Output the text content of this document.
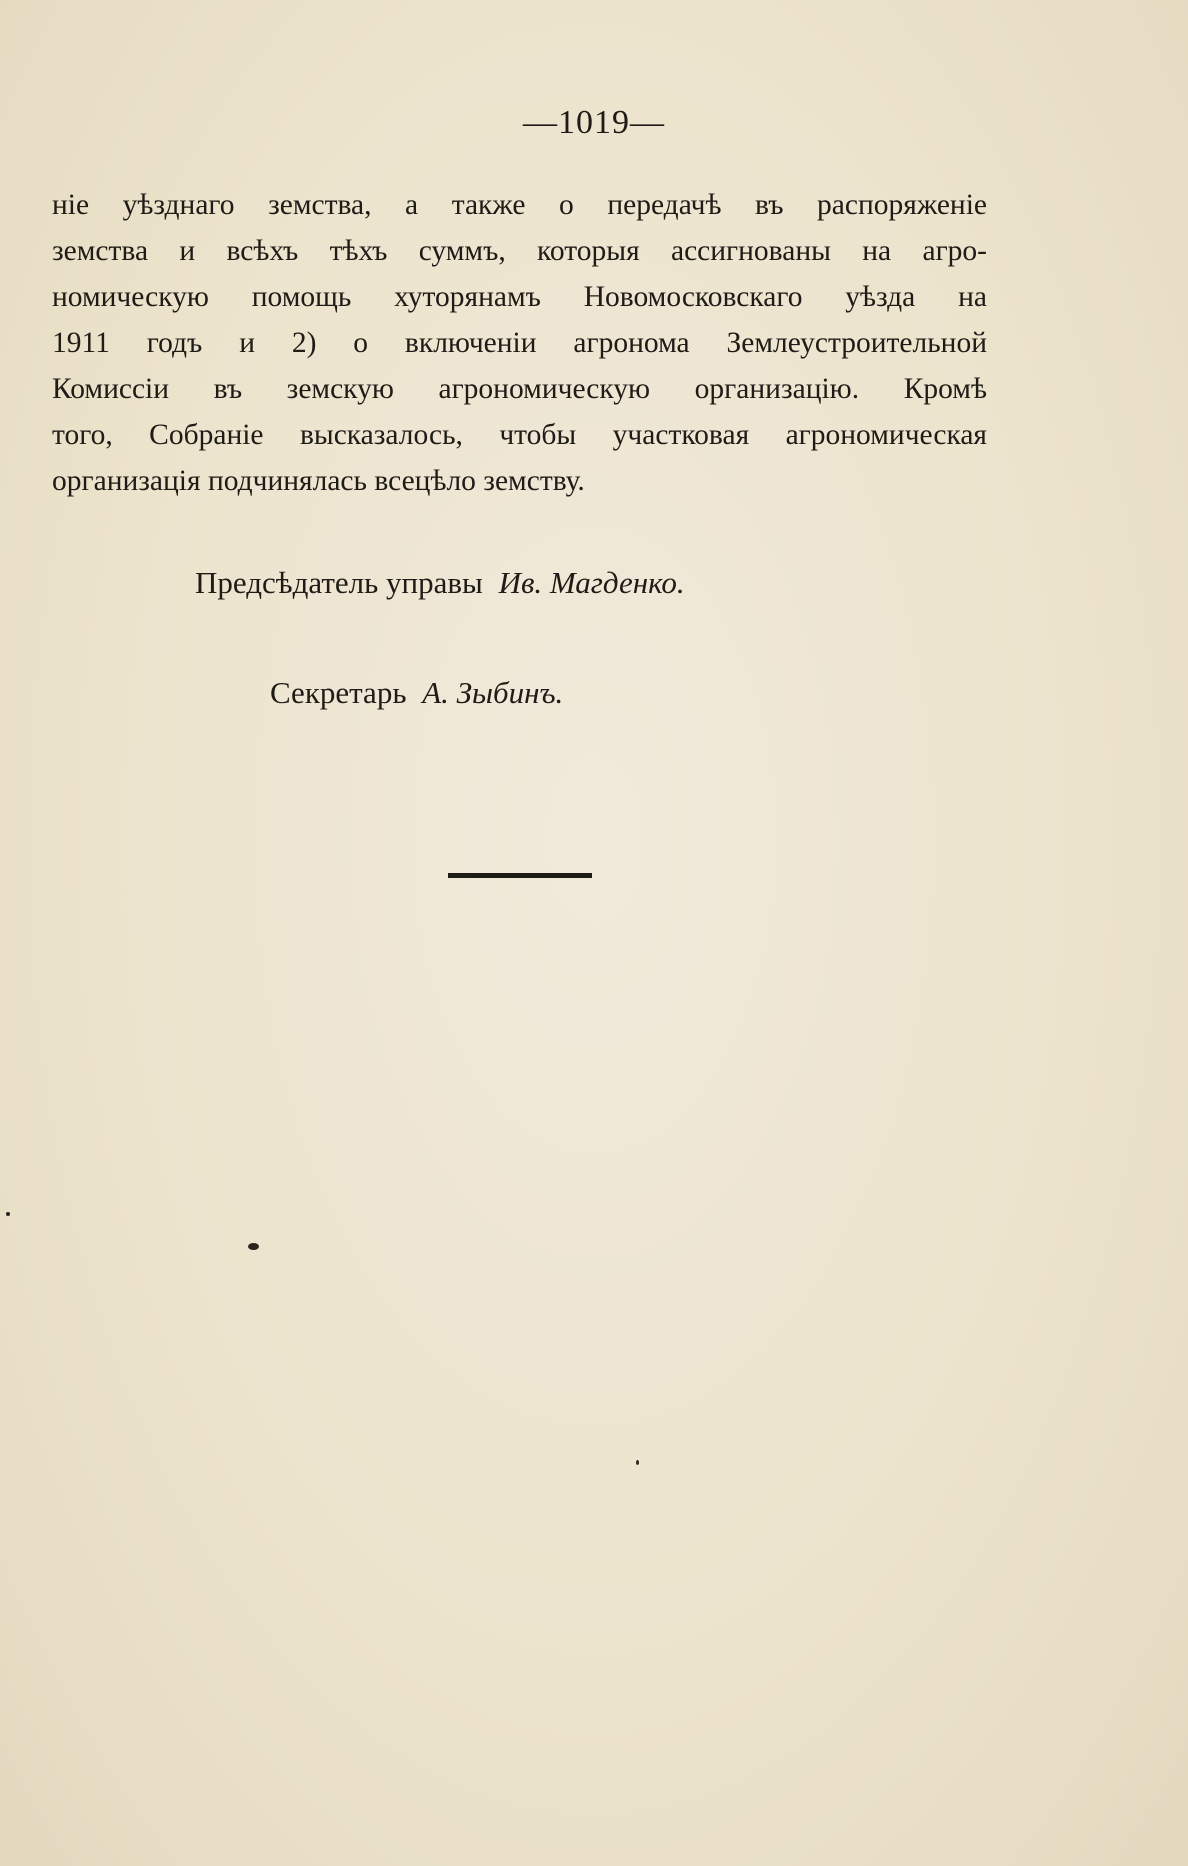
—1019—
ніе уѣзднаго земства, а также о передачѣ въ распоряженіе
земства и всѣхъ тѣхъ суммъ, которыя ассигнованы на агро-
номическую помощь хуторянамъ Новомосковскаго уѣзда на
1911 годъ и 2) о включеніи агронома Землеустроительной
Комиссіи въ земскую агрономическую организацію. Кромѣ
того, Собраніе высказалось, чтобы участковая агрономическая
организація подчинялась всецѣло земству.
Предсѣдатель управы Ив. Магденко.
Секретарь А. Зыбинъ.
